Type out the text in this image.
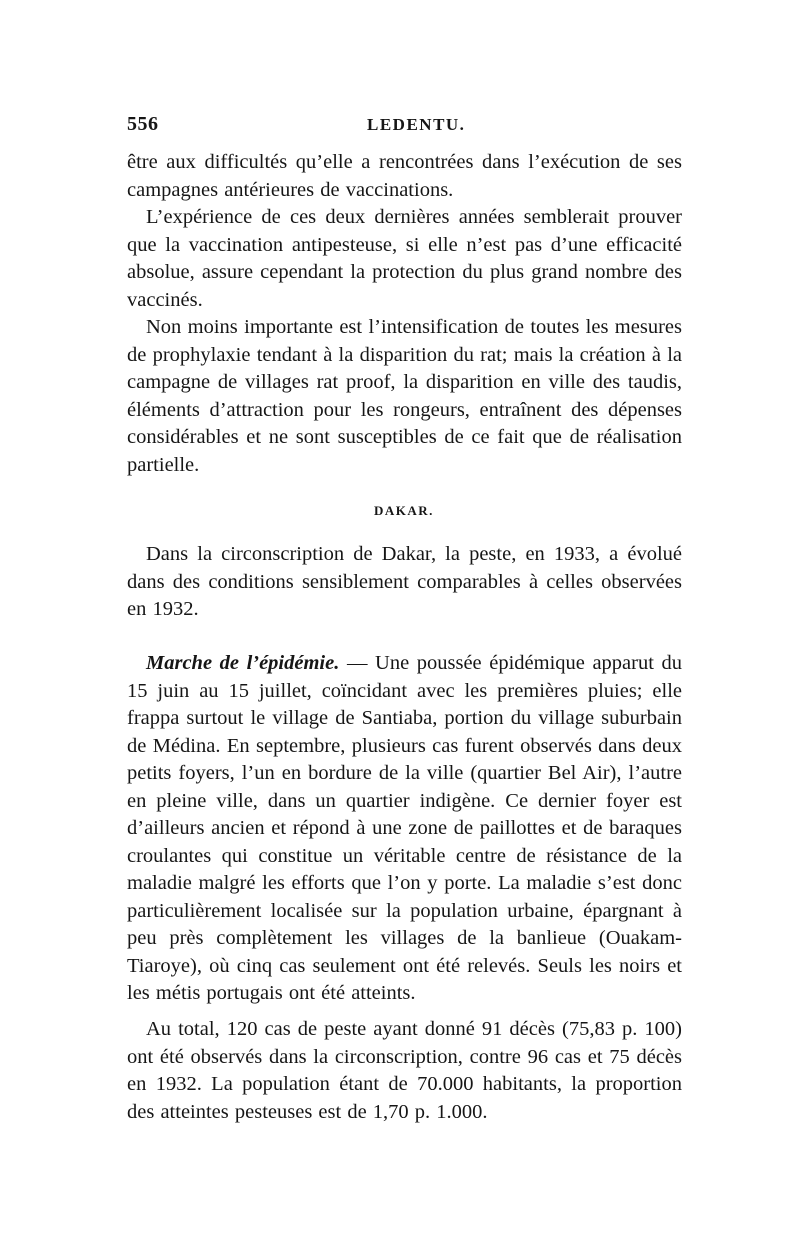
556	LEDENTU.

être aux difficultés qu’elle a rencontrées dans l’exécution de ses campagnes antérieures de vaccinations.

L’expérience de ces deux dernières années semblerait prouver que la vaccination antipesteuse, si elle n’est pas d’une efficacité absolue, assure cependant la protection du plus grand nombre des vaccinés.

Non moins importante est l’intensification de toutes les mesures de prophylaxie tendant à la disparition du rat; mais la création à la campagne de villages rat proof, la disparition en ville des taudis, éléments d’attraction pour les rongeurs, entraînent des dépenses considérables et ne sont susceptibles de ce fait que de réalisation partielle.

DAKAR.

Dans la circonscription de Dakar, la peste, en 1933, a évolué dans des conditions sensiblement comparables à celles observées en 1932.

Marche de l’épidémie. — Une poussée épidémique apparut du 15 juin au 15 juillet, coïncidant avec les premières pluies; elle frappa surtout le village de Santiaba, portion du village suburbain de Médina. En septembre, plusieurs cas furent observés dans deux petits foyers, l’un en bordure de la ville (quartier Bel Air), l’autre en pleine ville, dans un quartier indigène. Ce dernier foyer est d’ailleurs ancien et répond à une zone de paillottes et de baraques croulantes qui constitue un véritable centre de résistance de la maladie malgré les efforts que l’on y porte. La maladie s’est donc particulièrement localisée sur la population urbaine, épargnant à peu près complètement les villages de la banlieue (Ouakam-Tiaroye), où cinq cas seulement ont été relevés. Seuls les noirs et les métis portugais ont été atteints.

Au total, 120 cas de peste ayant donné 91 décès (75,83 p. 100) ont été observés dans la circonscription, contre 96 cas et 75 décès en 1932. La population étant de 70.000 habitants, la proportion des atteintes pesteuses est de 1,70 p. 1.000.
